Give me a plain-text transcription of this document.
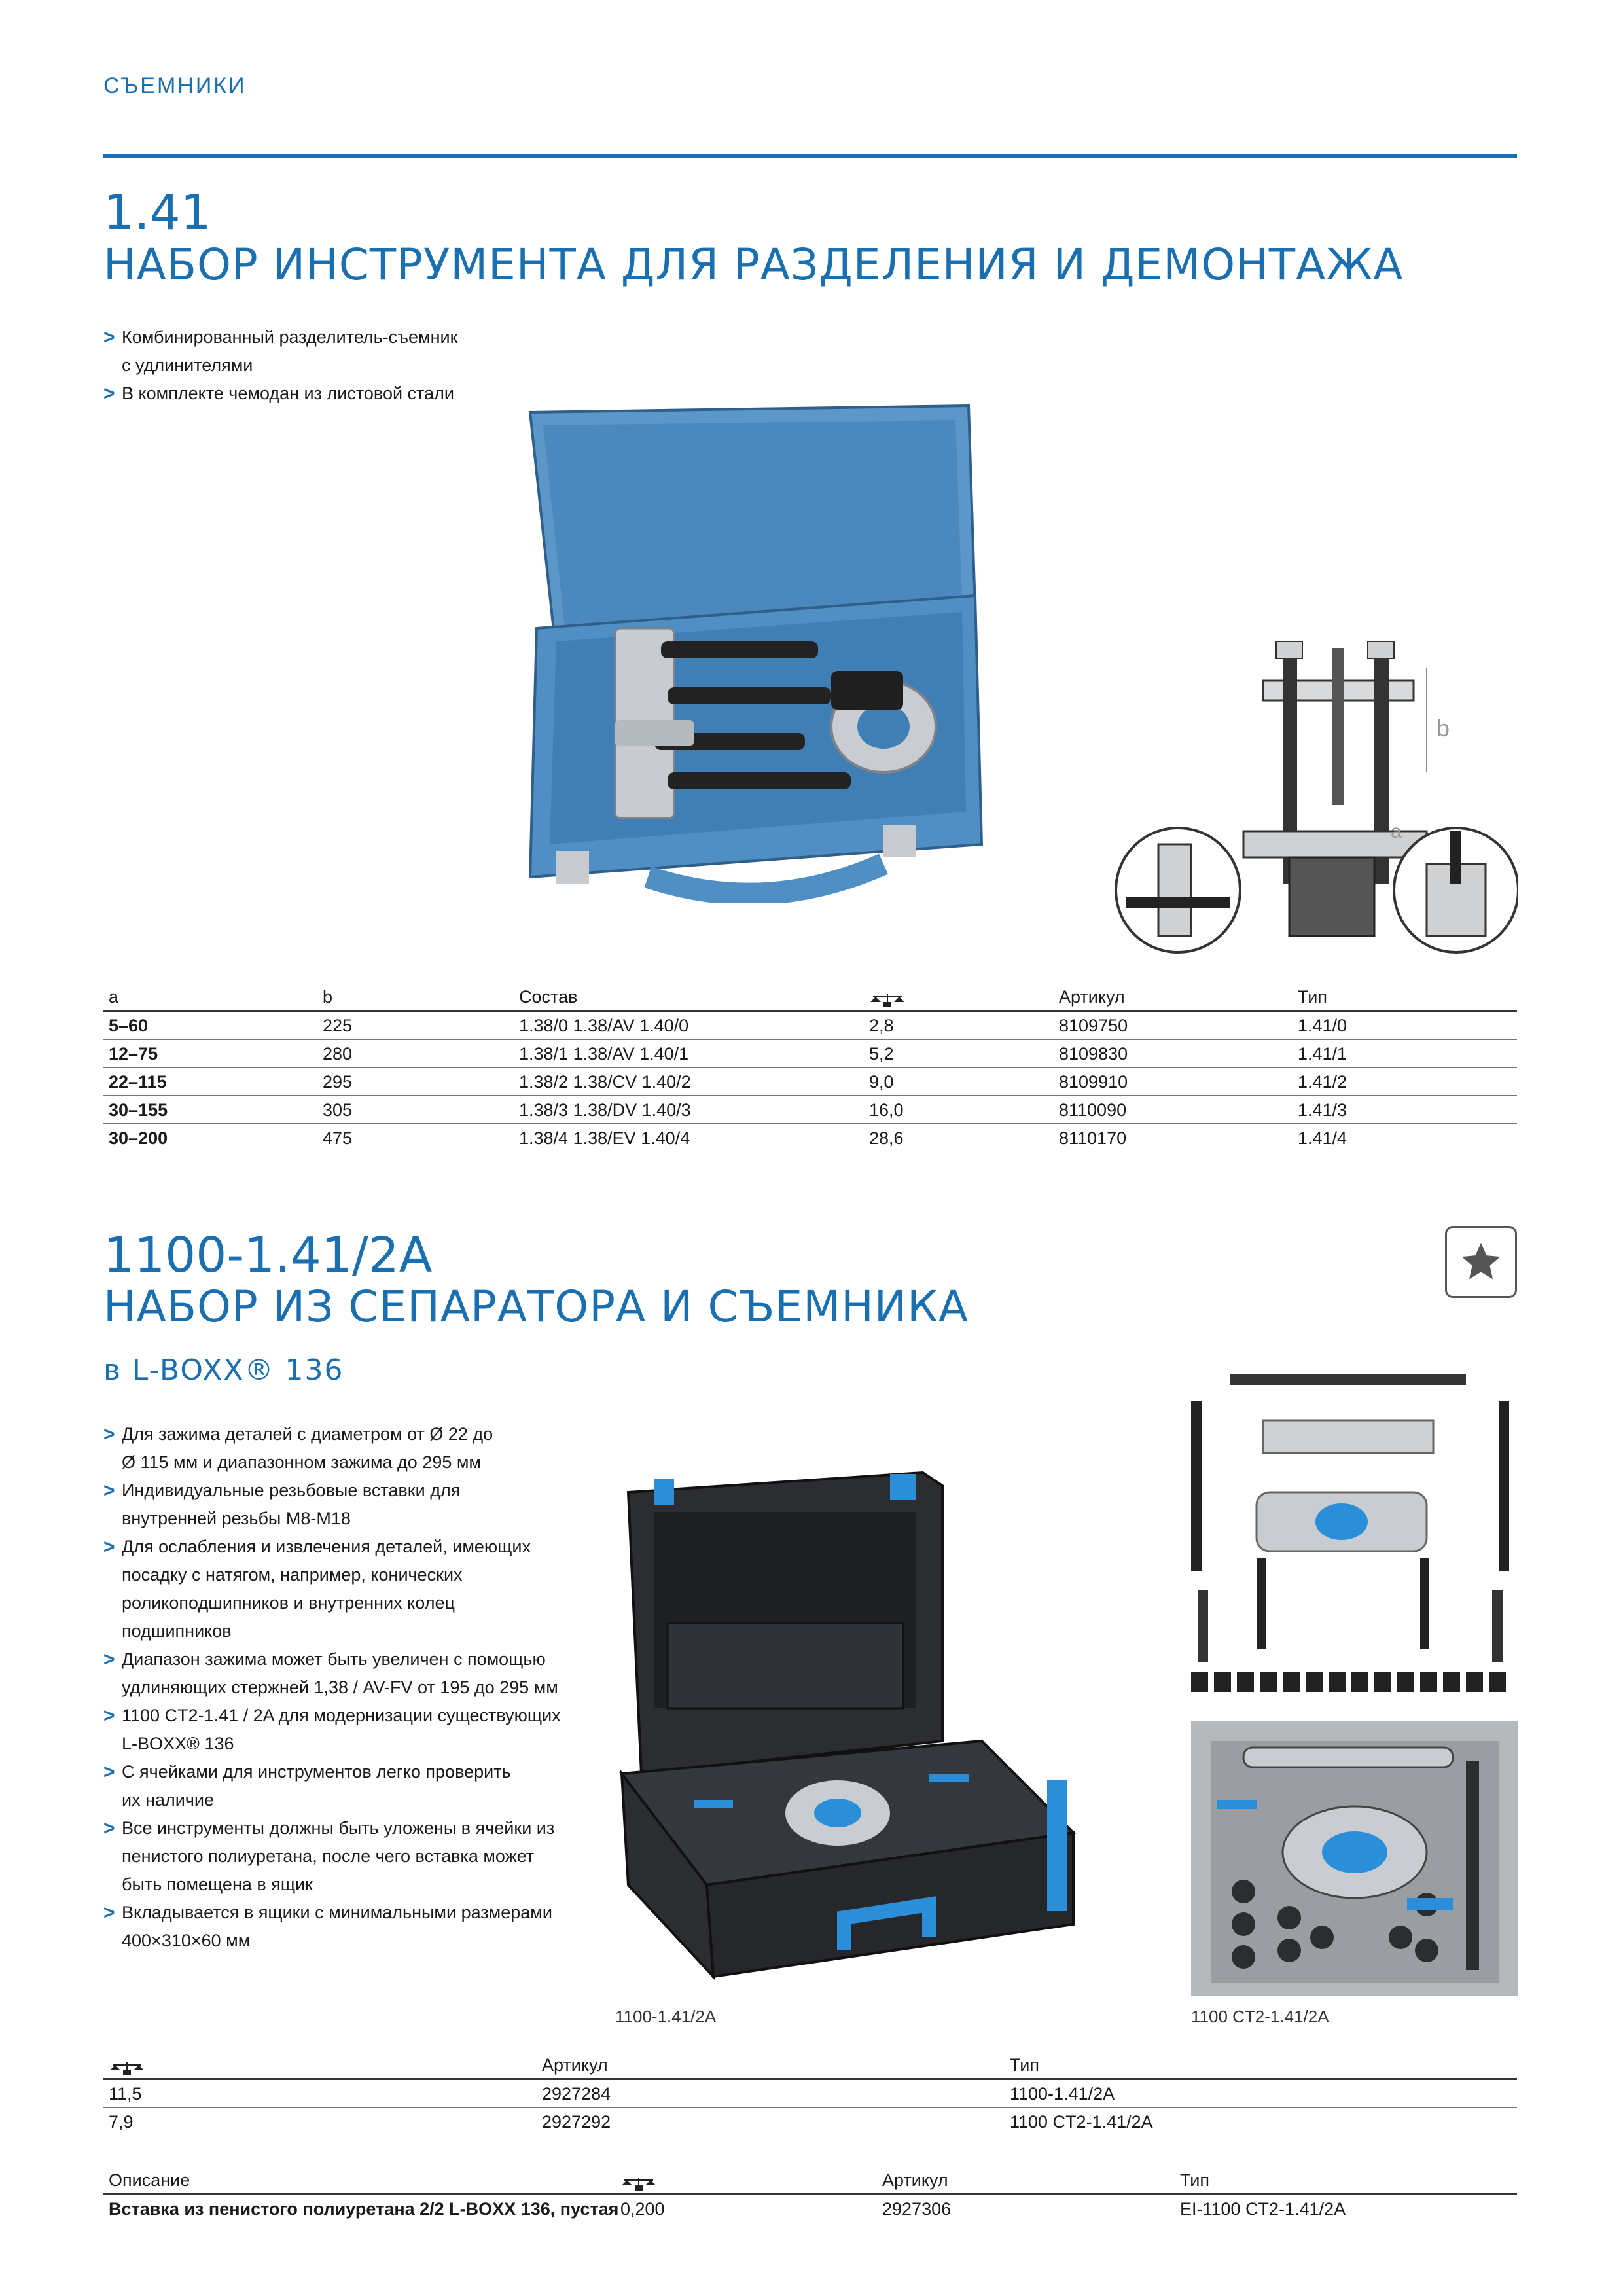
СЪЕМНИКИ
1.41
НАБОР ИНСТРУМЕНТА ДЛЯ РАЗДЕЛЕНИЯ И ДЕМОНТАЖА
> Комбинированный разделитель-съемник
с удлинителями
> В комплекте чемодан из листовой стали
a
b
a	b	Состав	Артикул	Тип
5–60	225	1.38/0 1.38/AV 1.40/0	2,8	8109750	1.41/0
12–75	280	1.38/1 1.38/AV 1.40/1	5,2	8109830	1.41/1
22–115	295	1.38/2 1.38/CV 1.40/2	9,0	8109910	1.41/2
30–155	305	1.38/3 1.38/DV 1.40/3	16,0	8110090	1.41/3
30–200	475	1.38/4 1.38/EV 1.40/4	28,6	8110170	1.41/4
1100-1.41/2A
НАБОР ИЗ СЕПАРАТОРА И СЪЕМНИКА
в L-BOXX® 136
> Для зажима деталей с диаметром от Ø 22 до
Ø 115 мм и диапазонном зажима до 295 мм
> Индивидуальные резьбовые вставки для
внутренней резьбы M8-M18
> Для ослабления и извлечения деталей, имеющих
посадку с натягом, например, конических
роликоподшипников и внутренних колец
подшипников
> Диапазон зажима может быть увеличен с помощью
удлиняющих стержней 1,38 / AV-FV от 195 до 295 мм
> 1100 CT2-1.41 / 2A для модернизации существующих
L-BOXX® 136
> С ячейками для инструментов легко проверить
их наличие
> Все инструменты должны быть уложены в ячейки из
пенистого полиуретана, после чего вставка может
быть помещена в ящик
> Вкладывается в ящики с минимальными размерами
400×310×60 мм
1100-1.41/2A	1100 CT2-1.41/2A
Артикул	Тип
11,5	2927284	1100-1.41/2A
7,9	2927292	1100 CT2-1.41/2A
Описание	Артикул	Тип
Вставка из пенистого полиуретана 2/2 L-BOXX 136, пустая 0,200	2927306	EI-1100 CT2-1.41/2A
